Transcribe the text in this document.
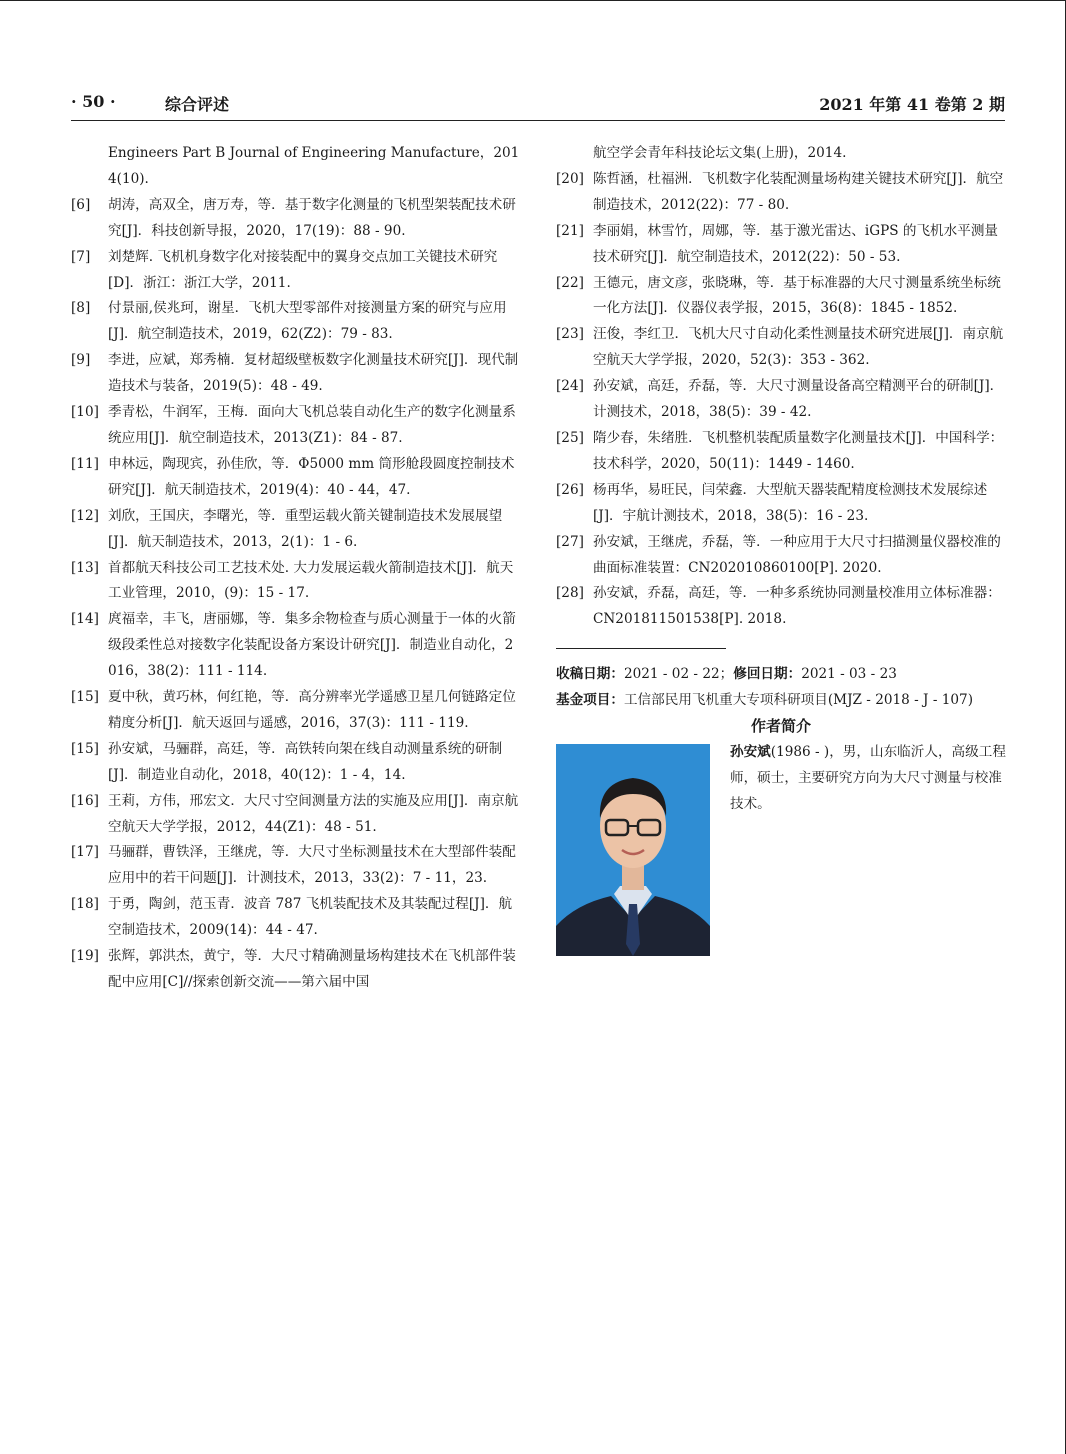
· 50 ·	综合评述	2021 年第 41 卷第 2 期
Engineers Part B Journal of Engineering Manufacture，2014(10).
[6] 胡涛，高双全，唐万寿，等．基于数字化测量的飞机型架装配技术研究[J]．科技创新导报，2020，17(19)：88 - 90.
[7] 刘楚辉. 飞机机身数字化对接装配中的翼身交点加工关键技术研究[D]．浙江：浙江大学，2011.
[8] 付景丽,侯兆珂，谢星．飞机大型零部件对接测量方案的研究与应用[J]．航空制造技术，2019，62(Z2)：79 - 83.
[9] 李进，应斌，郑秀楠．复材超级壁板数字化测量技术研究[J]．现代制造技术与装备，2019(5)：48 - 49.
[10] 季青松，牛润军，王梅．面向大飞机总装自动化生产的数字化测量系统应用[J]．航空制造技术，2013(Z1)：84 - 87.
[11] 申林远，陶现宾，孙佳欣，等．Φ5000 mm 筒形舱段圆度控制技术研究[J]．航天制造技术，2019(4)：40 - 44，47.
[12] 刘欣，王国庆，李曙光，等．重型运载火箭关键制造技术发展展望[J]．航天制造技术，2013，2(1)：1 - 6.
[13] 首都航天科技公司工艺技术处. 大力发展运载火箭制造技术[J]．航天工业管理，2010，(9)：15 - 17.
[14] 庹福幸，丰飞，唐丽娜，等．集多余物检查与质心测量于一体的火箭级段柔性总对接数字化装配设备方案设计研究[J]．制造业自动化，2016，38(2)：111 - 114.
[15] 夏中秋，黄巧林，何红艳，等．高分辨率光学遥感卫星几何链路定位精度分析[J]．航天返回与遥感，2016，37(3)：111 - 119.
[15] 孙安斌，马骊群，高廷，等．高铁转向架在线自动测量系统的研制[J]．制造业自动化，2018，40(12)：1 - 4，14.
[16] 王莉，方伟，邢宏文．大尺寸空间测量方法的实施及应用[J]．南京航空航天大学学报，2012，44(Z1)：48 - 51.
[17] 马骊群，曹铁泽，王继虎，等．大尺寸坐标测量技术在大型部件装配应用中的若干问题[J]．计测技术，2013，33(2)：7 - 11，23.
[18] 于勇，陶剑，范玉青．波音 787 飞机装配技术及其装配过程[J]．航空制造技术，2009(14)：44 - 47.
[19] 张辉，郭洪杰，黄宁，等．大尺寸精确测量场构建技术在飞机部件装配中应用[C]//探索创新交流——第六届中国
航空学会青年科技论坛文集(上册)，2014.
[20] 陈哲涵，杜福洲．飞机数字化装配测量场构建关键技术研究[J]．航空制造技术，2012(22)：77 - 80.
[21] 李丽娟，林雪竹，周娜，等．基于激光雷达、iGPS 的飞机水平测量技术研究[J]．航空制造技术，2012(22)：50 - 53.
[22] 王德元，唐文彦，张晓琳，等．基于标准器的大尺寸测量系统坐标统一化方法[J]．仪器仪表学报，2015，36(8)：1845 - 1852.
[23] 汪俊，李红卫．飞机大尺寸自动化柔性测量技术研究进展[J]．南京航空航天大学学报，2020，52(3)：353 - 362.
[24] 孙安斌，高廷，乔磊，等．大尺寸测量设备高空精测平台的研制[J]．计测技术，2018，38(5)：39 - 42.
[25] 隋少春，朱绪胜．飞机整机装配质量数字化测量技术[J]．中国科学：技术科学，2020，50(11)：1449 - 1460.
[26] 杨再华，易旺民，闫荣鑫．大型航天器装配精度检测技术发展综述[J]．宇航计测技术，2018，38(5)：16 - 23.
[27] 孙安斌，王继虎，乔磊，等．一种应用于大尺寸扫描测量仪器校准的曲面标准装置：CN202010860100[P]. 2020.
[28] 孙安斌，乔磊，高廷，等．一种多系统协同测量校准用立体标准器：CN201811501538[P]. 2018.
收稿日期：2021 - 02 - 22；修回日期：2021 - 03 - 23
基金项目：工信部民用飞机重大专项科研项目(MJZ - 2018 - J - 107)
作者简介
孙安斌(1986 - )，男，山东临沂人，高级工程师，硕士，主要研究方向为大尺寸测量与校准技术。
